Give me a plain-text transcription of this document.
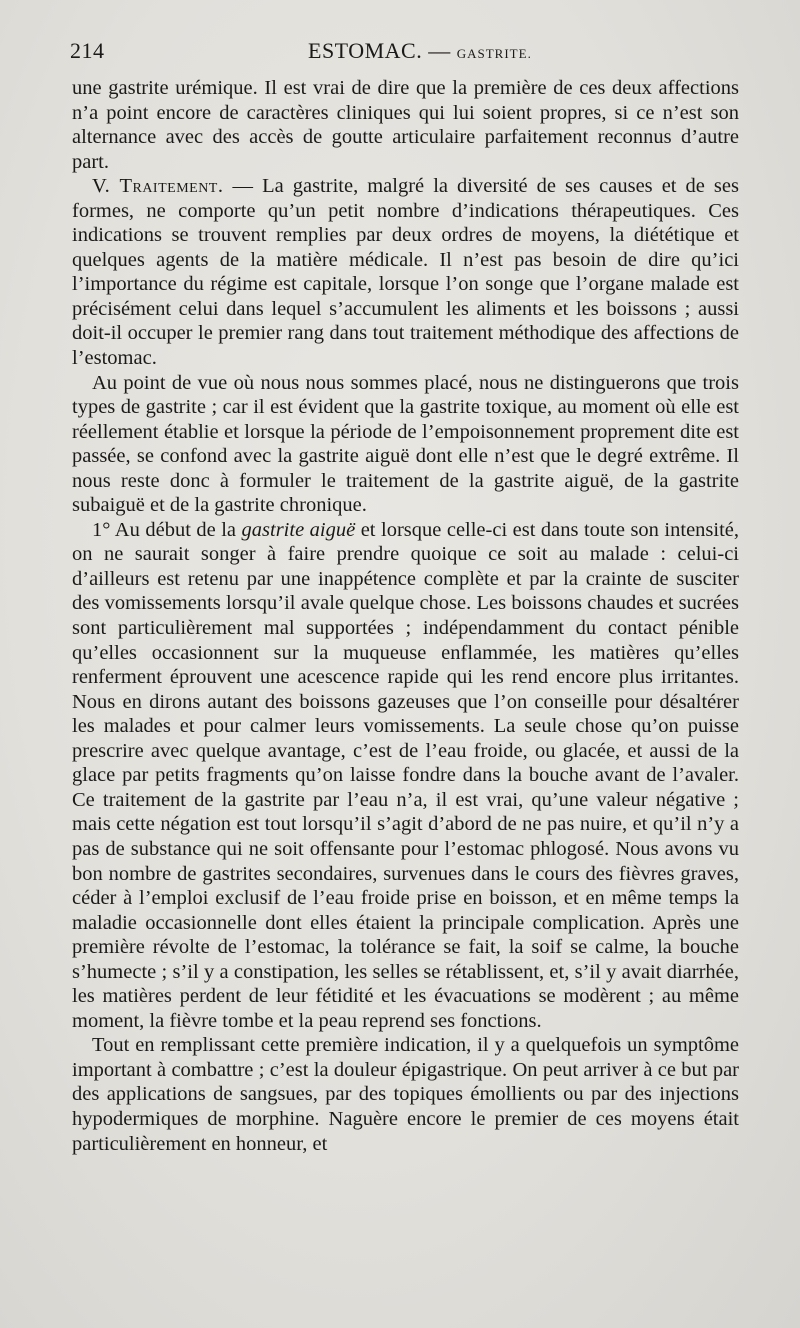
214	ESTOMAC. — GASTRITE.

une gastrite urémique. Il est vrai de dire que la première de ces deux affections n’a point encore de caractères cliniques qui lui soient propres, si ce n’est son alternance avec des accès de goutte articulaire parfaitement reconnus d’autre part.

V. Traitement. — La gastrite, malgré la diversité de ses causes et de ses formes, ne comporte qu’un petit nombre d’indications thérapeutiques. Ces indications se trouvent remplies par deux ordres de moyens, la diététique et quelques agents de la matière médicale. Il n’est pas besoin de dire qu’ici l’importance du régime est capitale, lorsque l’on songe que l’organe malade est précisément celui dans lequel s’accumulent les aliments et les boissons ; aussi doit-il occuper le premier rang dans tout traitement méthodique des affections de l’estomac.

Au point de vue où nous nous sommes placé, nous ne distinguerons que trois types de gastrite ; car il est évident que la gastrite toxique, au moment où elle est réellement établie et lorsque la période de l’empoisonnement proprement dite est passée, se confond avec la gastrite aiguë dont elle n’est que le degré extrême. Il nous reste donc à formuler le traitement de la gastrite aiguë, de la gastrite subaiguë et de la gastrite chronique.

1° Au début de la gastrite aiguë et lorsque celle-ci est dans toute son intensité, on ne saurait songer à faire prendre quoique ce soit au malade : celui-ci d’ailleurs est retenu par une inappétence complète et par la crainte de susciter des vomissements lorsqu’il avale quelque chose. Les boissons chaudes et sucrées sont particulièrement mal supportées ; indépendamment du contact pénible qu’elles occasionnent sur la muqueuse enflammée, les matières qu’elles renferment éprouvent une acescence rapide qui les rend encore plus irritantes. Nous en dirons autant des boissons gazeuses que l’on conseille pour désaltérer les malades et pour calmer leurs vomissements. La seule chose qu’on puisse prescrire avec quelque avantage, c’est de l’eau froide, ou glacée, et aussi de la glace par petits fragments qu’on laisse fondre dans la bouche avant de l’avaler. Ce traitement de la gastrite par l’eau n’a, il est vrai, qu’une valeur négative ; mais cette négation est tout lorsqu’il s’agit d’abord de ne pas nuire, et qu’il n’y a pas de substance qui ne soit offensante pour l’estomac phlogosé. Nous avons vu bon nombre de gastrites secondaires, survenues dans le cours des fièvres graves, céder à l’emploi exclusif de l’eau froide prise en boisson, et en même temps la maladie occasionnelle dont elles étaient la principale complication. Après une première révolte de l’estomac, la tolérance se fait, la soif se calme, la bouche s’humecte ; s’il y a constipation, les selles se rétablissent, et, s’il y avait diarrhée, les matières perdent de leur fétidité et les évacuations se modèrent ; au même moment, la fièvre tombe et la peau reprend ses fonctions.

Tout en remplissant cette première indication, il y a quelquefois un symptôme important à combattre ; c’est la douleur épigastrique. On peut arriver à ce but par des applications de sangsues, par des topiques émollients ou par des injections hypodermiques de morphine. Naguère encore le premier de ces moyens était particulièrement en honneur, et
